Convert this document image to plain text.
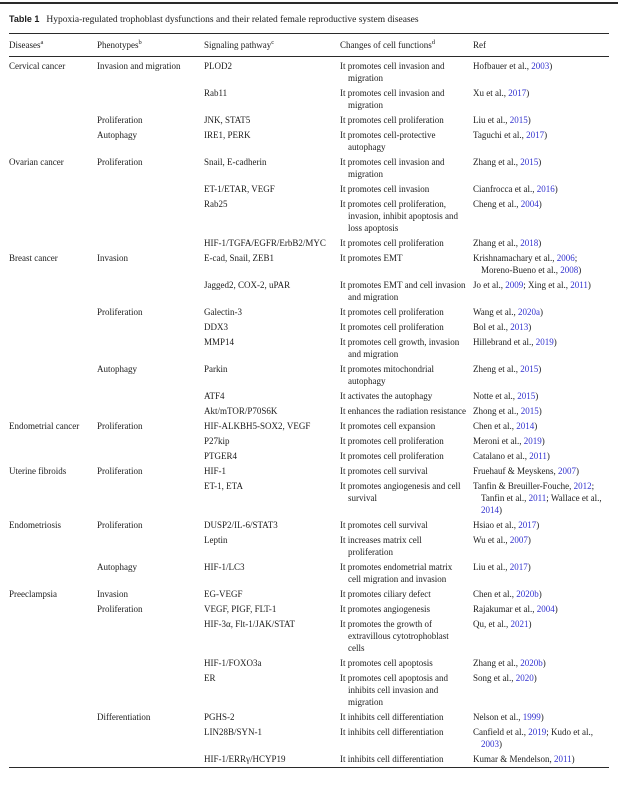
Table 1 Hypoxia-regulated trophoblast dysfunctions and their related female reproductive system diseases

Diseases$^a$	Phenotypes$^b$	Signaling pathway$^c$	Changes of cell functions$^d$	Ref
Cervical cancer	Invasion and migration	PLOD2	It promotes cell invasion and migration	Hofbauer et al., 2003)
		Rab11	It promotes cell invasion and migration	Xu et al., 2017)
	Proliferation	JNK, STAT5	It promotes cell proliferation	Liu et al., 2015)
	Autophagy	IRE1, PERK	It promotes cell-protective autophagy	Taguchi et al., 2017)
Ovarian cancer	Proliferation	Snail, E-cadherin	It promotes cell invasion and migration	Zhang et al., 2015)
		ET-1/ETAR, VEGF	It promotes cell invasion	Cianfrocca et al., 2016)
		Rab25	It promotes cell proliferation, invasion, inhibit apoptosis and loss apoptosis	Cheng et al., 2004)
		HIF-1/TGFA/EGFR/ErbB2/MYC	It promotes cell proliferation	Zhang et al., 2018)
Breast cancer	Invasion	E-cad, Snail, ZEB1	It promotes EMT	Krishnamachary et al., 2006; Moreno-Bueno et al., 2008)
		Jagged2, COX-2, uPAR	It promotes EMT and cell invasion and migration	Jo et al., 2009; Xing et al., 2011)
	Proliferation	Galectin-3	It promotes cell proliferation	Wang et al., 2020a)
		DDX3	It promotes cell proliferation	Bol et al., 2013)
		MMP14	It promotes cell growth, invasion and migration	Hillebrand et al., 2019)
	Autophagy	Parkin	It promotes mitochondrial autophagy	Zheng et al., 2015)
		ATF4	It activates the autophagy	Notte et al., 2015)
		Akt/mTOR/P70S6K	It enhances the radiation resistance	Zhong et al., 2015)
Endometrial cancer	Proliferation	HIF-ALKBH5-SOX2, VEGF	It promotes cell expansion	Chen et al., 2014)
		P27kip	It promotes cell proliferation	Meroni et al., 2019)
		PTGER4	It promotes cell proliferation	Catalano et al., 2011)
Uterine fibroids	Proliferation	HIF-1	It promotes cell survival	Fruehauf & Meyskens, 2007)
		ET-1, ETA	It promotes angiogenesis and cell survival	Tanfin & Breuiller-Fouche, 2012; Tanfin et al., 2011; Wallace et al., 2014)
Endometriosis	Proliferation	DUSP2/IL-6/STAT3	It promotes cell survival	Hsiao et al., 2017)
		Leptin	It increases matrix cell proliferation	Wu et al., 2007)
	Autophagy	HIF-1/LC3	It promotes endometrial matrix cell migration and invasion	Liu et al., 2017)
Preeclampsia	Invasion	EG-VEGF	It promotes ciliary defect	Chen et al., 2020b)
	Proliferation	VEGF, PIGF, FLT-1	It promotes angiogenesis	Rajakumar et al., 2004)
		HIF-3α, Flt-1/JAK/STAT	It promotes the growth of extravillous cytotrophoblast cells	Qu, et al., 2021)
		HIF-1/FOXO3a	It promotes cell apoptosis	Zhang et al., 2020b)
		ER	It promotes cell apoptosis and inhibits cell invasion and migration	Song et al., 2020)
	Differentiation	PGHS-2	It inhibits cell differentiation	Nelson et al., 1999)
		LIN28B/SYN-1	It inhibits cell differentiation	Canfield et al., 2019; Kudo et al., 2003)
		HIF-1/ERRγ/HCYP19	It inhibits cell differentiation	Kumar & Mendelson, 2011)
